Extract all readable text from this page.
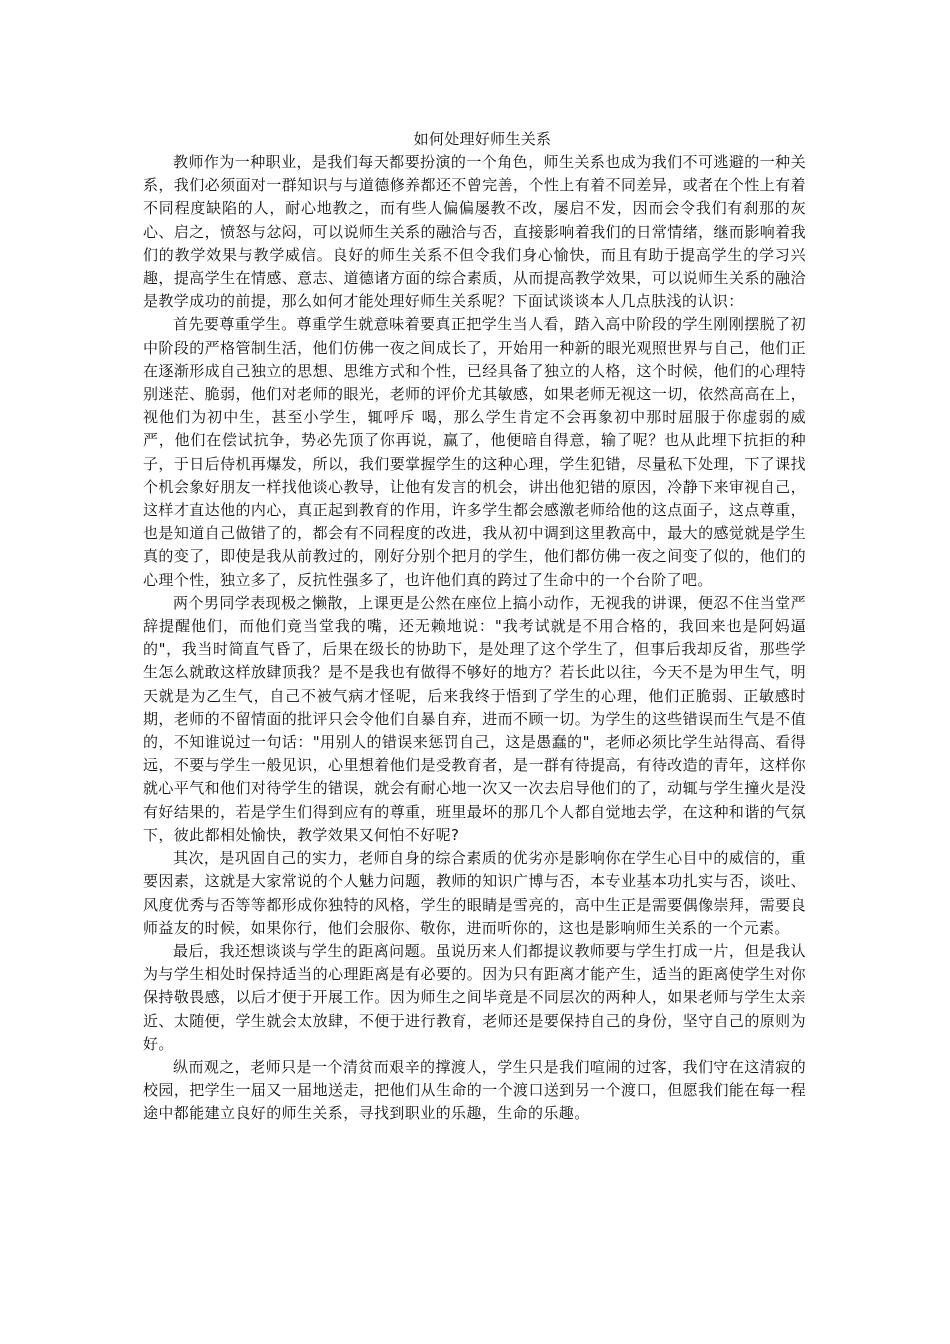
如何处理好师生关系

教师作为一种职业，是我们每天都要扮演的一个角色，师生关系也成为我们不可逃避的一种关系，我们必须面对一群知识与与道德修养都还不曾完善，个性上有着不同差异，或者在个性上有着不同程度缺陷的人，耐心地教之，而有些人偏偏屡教不改，屡启不发，因而会令我们有刹那的灰心、启之，愤怒与忿闷，可以说师生关系的融洽与否，直接影响着我们的日常情绪，继而影响着我们的教学效果与教学威信。良好的师生关系不但令我们身心愉快，而且有助于提高学生的学习兴趣，提高学生在情感、意志、道德诸方面的综合素质，从而提高教学效果，可以说师生关系的融洽是教学成功的前提，那么如何才能处理好师生关系呢？下面试谈谈本人几点肤浅的认识：

首先要尊重学生。尊重学生就意味着要真正把学生当人看，踏入高中阶段的学生刚刚摆脱了初中阶段的严格管制生活，他们仿佛一夜之间成长了，开始用一种新的眼光观照世界与自己，他们正在逐渐形成自己独立的思想、思维方式和个性，已经具备了独立的人格，这个时候，他们的心理特别迷茫、脆弱，他们对老师的眼光，老师的评价尤其敏感，如果老师无视这一切，依然高高在上，视他们为初中生，甚至小学生，辄呼斥 喝，那么学生肯定不会再象初中那时屈服于你虚弱的威严，他们在偿试抗争，势必先顶了你再说，赢了，他便暗自得意，输了呢？也从此埋下抗拒的种子，于日后侍机再爆发，所以，我们要掌握学生的这种心理，学生犯错，尽量私下处理，下了课找个机会象好朋友一样找他谈心教导，让他有发言的机会，讲出他犯错的原因，冷静下来审视自己，这样才直达他的内心，真正起到教育的作用，许多学生都会感激老师给他的这点面子，这点尊重，也是知道自己做错了的，都会有不同程度的改进，我从初中调到这里教高中，最大的感觉就是学生真的变了，即使是我从前教过的，刚好分别个把月的学生，他们都仿佛一夜之间变了似的，他们的心理个性，独立多了，反抗性强多了，也许他们真的跨过了生命中的一个台阶了吧。

两个男同学表现极之懒散，上课更是公然在座位上搞小动作，无视我的讲课，便忍不住当堂严辞提醒他们，而他们竟当堂我的嘴，还无赖地说："我考试就是不用合格的，我回来也是阿妈逼的"，我当时简直气昏了，后果在级长的协助下，是处理了这个学生了，但事后我却反省，那些学生怎么就敢这样放肆顶我？是不是我也有做得不够好的地方？若长此以往，今天不是为甲生气，明天就是为乙生气，自己不被气病才怪呢，后来我终于悟到了学生的心理，他们正脆弱、正敏感时期，老师的不留情面的批评只会令他们自暴自弃，进而不顾一切。为学生的这些错误而生气是不值的，不知谁说过一句话："用别人的错误来惩罚自己，这是愚蠢的"，老师必须比学生站得高、看得远，不要与学生一般见识，心里想着他们是受教育者，是一群有待提高，有待改造的青年，这样你就心平气和他们对待学生的错误，就会有耐心地一次又一次去启导他们的了，动辄与学生撞火是没有好结果的，若是学生们得到应有的尊重，班里最坏的那几个人都自觉地去学，在这种和谐的气氛下，彼此都相处愉快，教学效果又何怕不好呢?

其次，是巩固自己的实力，老师自身的综合素质的优劣亦是影响你在学生心目中的威信的，重要因素，这就是大家常说的个人魅力问题，教师的知识广博与否，本专业基本功扎实与否，谈吐、风度优秀与否等等都形成你独特的风格，学生的眼睛是雪亮的，高中生正是需要偶像崇拜，需要良师益友的时候，如果你行，他们会服你、敬你，进而听你的，这也是影响师生关系的一个元素。

最后，我还想谈谈与学生的距离问题。虽说历来人们都提议教师要与学生打成一片，但是我认为与学生相处时保持适当的心理距离是有必要的。因为只有距离才能产生，适当的距离使学生对你保持敬畏感，以后才便于开展工作。因为师生之间毕竟是不同层次的两种人，如果老师与学生太亲近、太随便，学生就会太放肆，不便于进行教育，老师还是要保持自己的身份，坚守自己的原则为好。

纵而观之，老师只是一个清贫而艰辛的撑渡人，学生只是我们喧闹的过客，我们守在这清寂的校园，把学生一届又一届地送走，把他们从生命的一个渡口送到另一个渡口，但愿我们能在每一程途中都能建立良好的师生关系，寻找到职业的乐趣，生命的乐趣。
